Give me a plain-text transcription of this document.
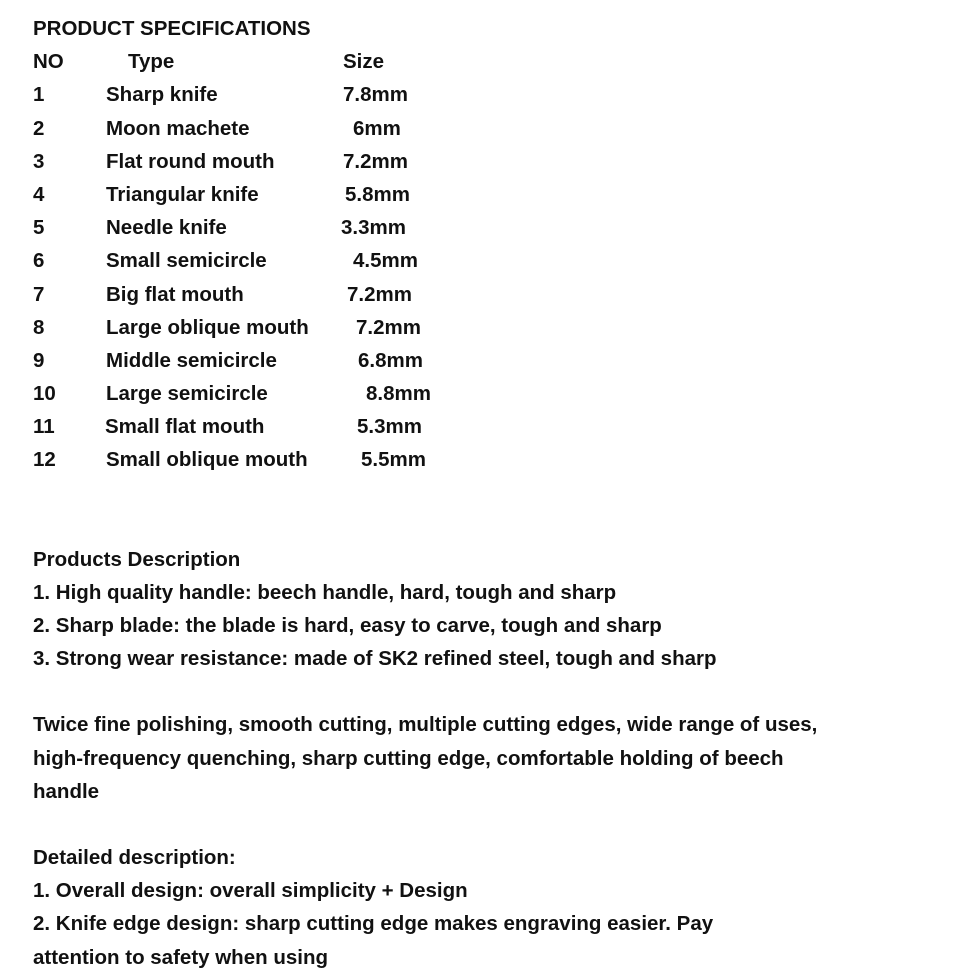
PRODUCT SPECIFICATIONS
NO	Type	Size
1	Sharp knife	7.8mm
2	Moon machete	6mm
3	Flat round mouth	7.2mm
4	Triangular knife	5.8mm
5	Needle knife	3.3mm
6	Small semicircle	4.5mm
7	Big flat mouth	7.2mm
8	Large oblique mouth 7.2mm
9	Middle semicircle	6.8mm
10 Large semicircle	8.8mm
11 Small flat mouth	5.3mm
12 Small oblique mouth	5.5mm
Products Description
1. High quality handle: beech handle, hard, tough and sharp
2. Sharp blade: the blade is hard, easy to carve, tough and sharp
3. Strong wear resistance: made of SK2 refined steel, tough and sharp
Twice fine polishing, smooth cutting, multiple cutting edges, wide range of uses, high-frequency quenching, sharp cutting edge, comfortable holding of beech handle
Detailed description:
1. Overall design: overall simplicity + Design
2. Knife edge design: sharp cutting edge makes engraving easier. Pay attention to safety when using
